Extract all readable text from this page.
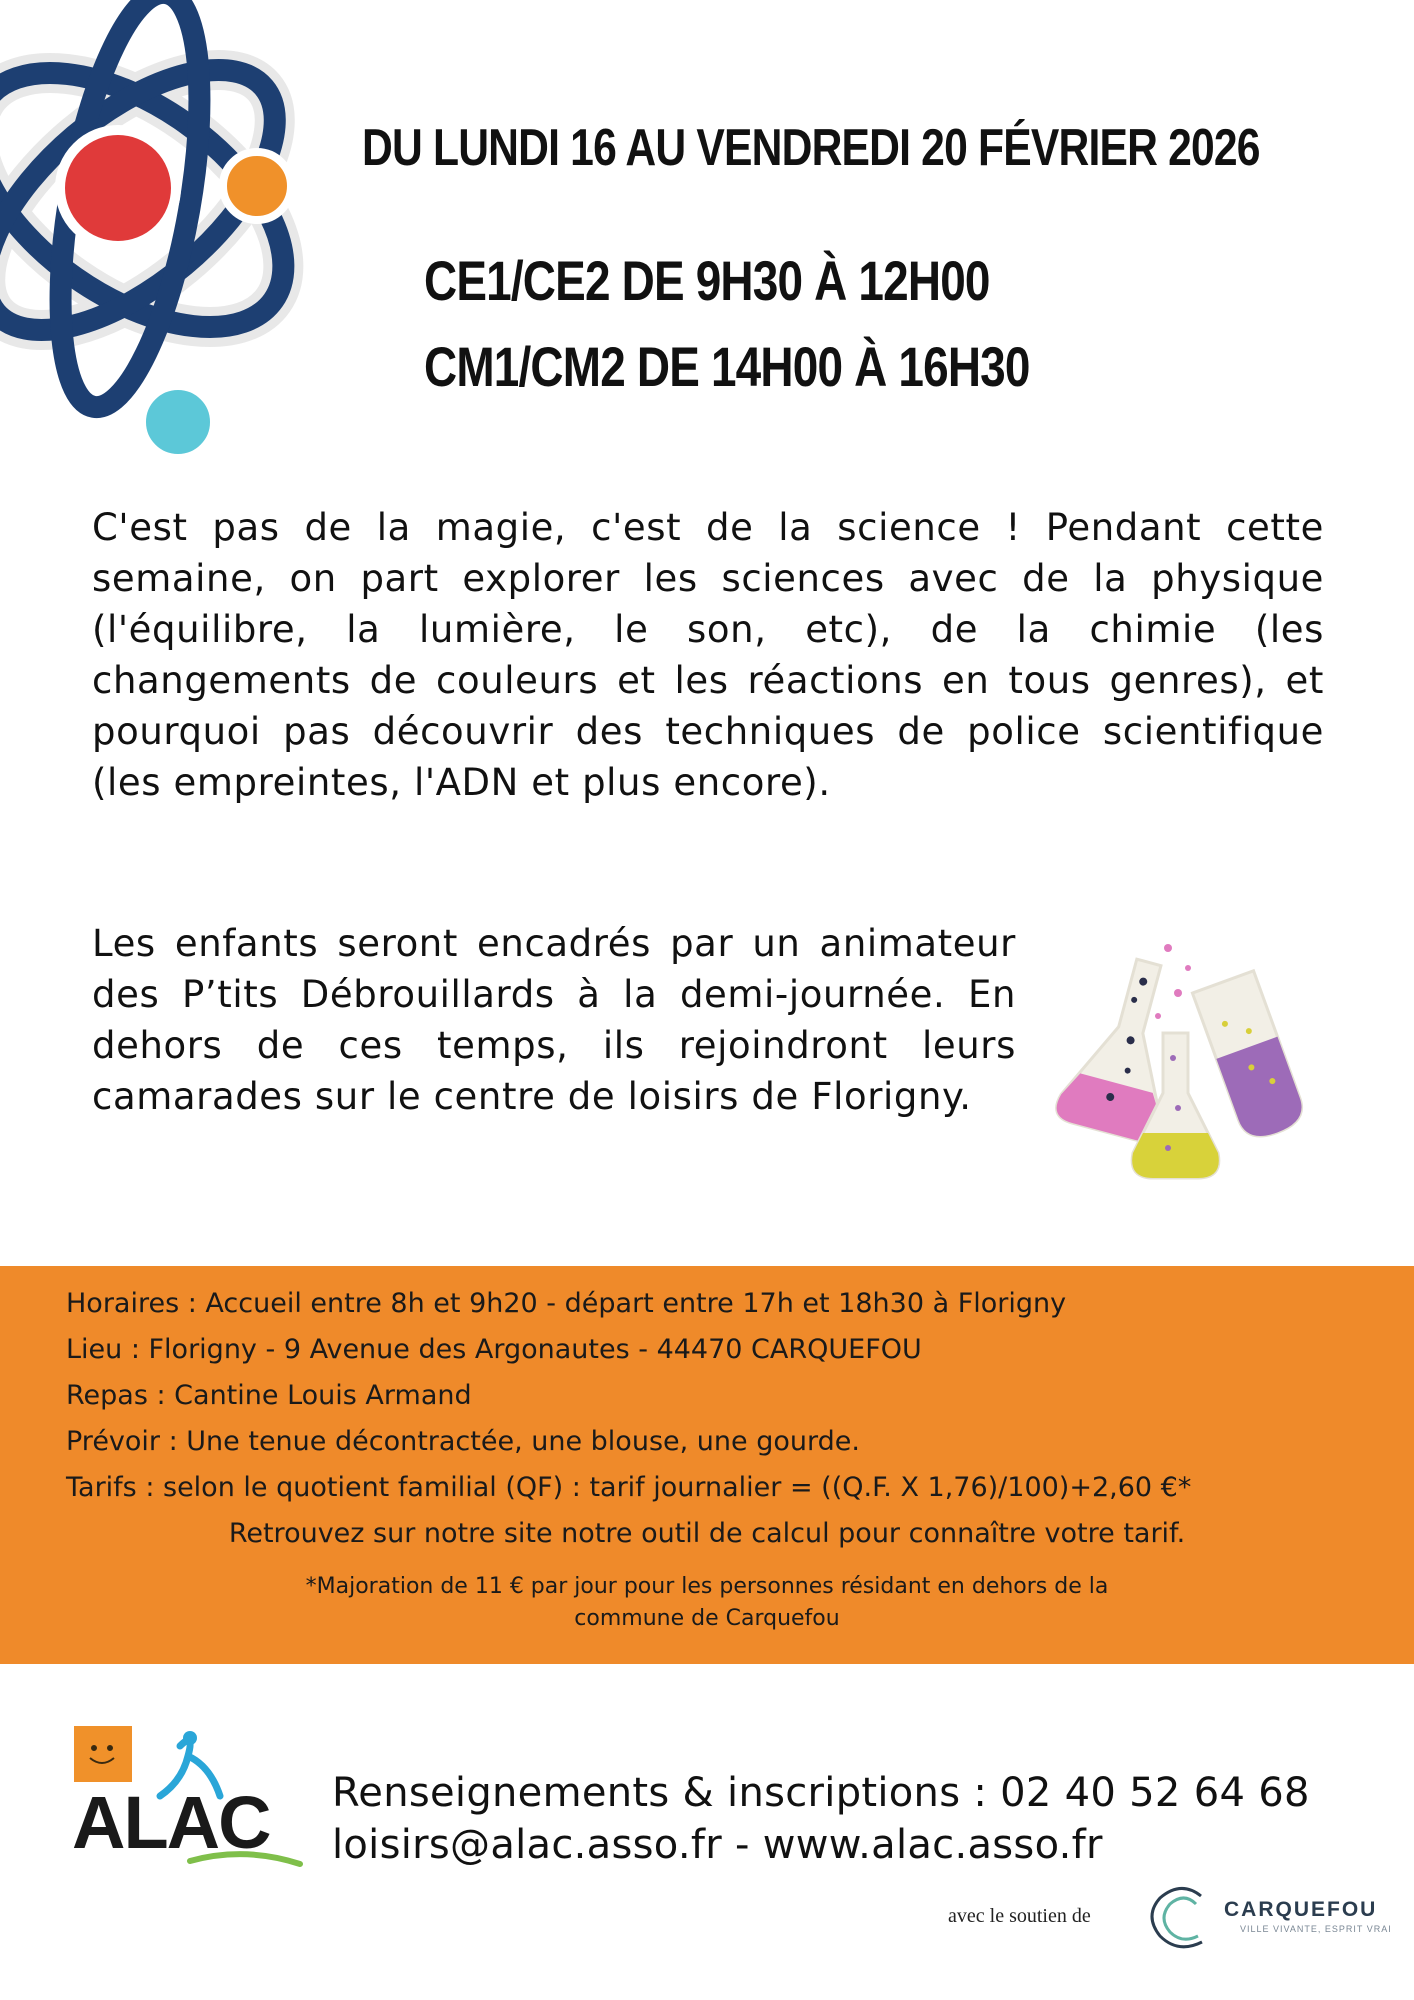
DU LUNDI 16 AU VENDREDI 20 FÉVRIER 2026
CE1/CE2 DE 9H30 À 12H00
CM1/CM2 DE 14H00 À 16H30
C'est pas de la magie, c'est de la science ! Pendant cette semaine, on part explorer les sciences avec de la physique (l'équilibre, la lumière, le son, etc), de la chimie (les changements de couleurs et les réactions en tous genres), et pourquoi pas découvrir des techniques de police scientifique (les empreintes, l'ADN et plus encore).
Les enfants seront encadrés par un animateur des P’tits Débrouillards à la demi-journée. En dehors de ces temps, ils rejoindront leurs camarades sur le centre de loisirs de Florigny.
Horaires : Accueil entre 8h et 9h20 - départ entre 17h et 18h30 à Florigny
Lieu : Florigny - 9 Avenue des Argonautes - 44470 CARQUEFOU
Repas : Cantine Louis Armand
Prévoir : Une tenue décontractée, une blouse, une gourde.
Tarifs : selon le quotient familial (QF) : tarif journalier = ((Q.F. X 1,76)/100)+2,60 €*
Retrouvez sur notre site notre outil de calcul pour connaître votre tarif.
*Majoration de 11 € par jour pour les personnes résidant en dehors de la
commune de Carquefou
ALAC Renseignements & inscriptions : 02 40 52 64 68
loisirs@alac.asso.fr - www.alac.asso.fr
avec le soutien de	CARQUEFOU
VILLE VIVANTE, ESPRIT VRAI
